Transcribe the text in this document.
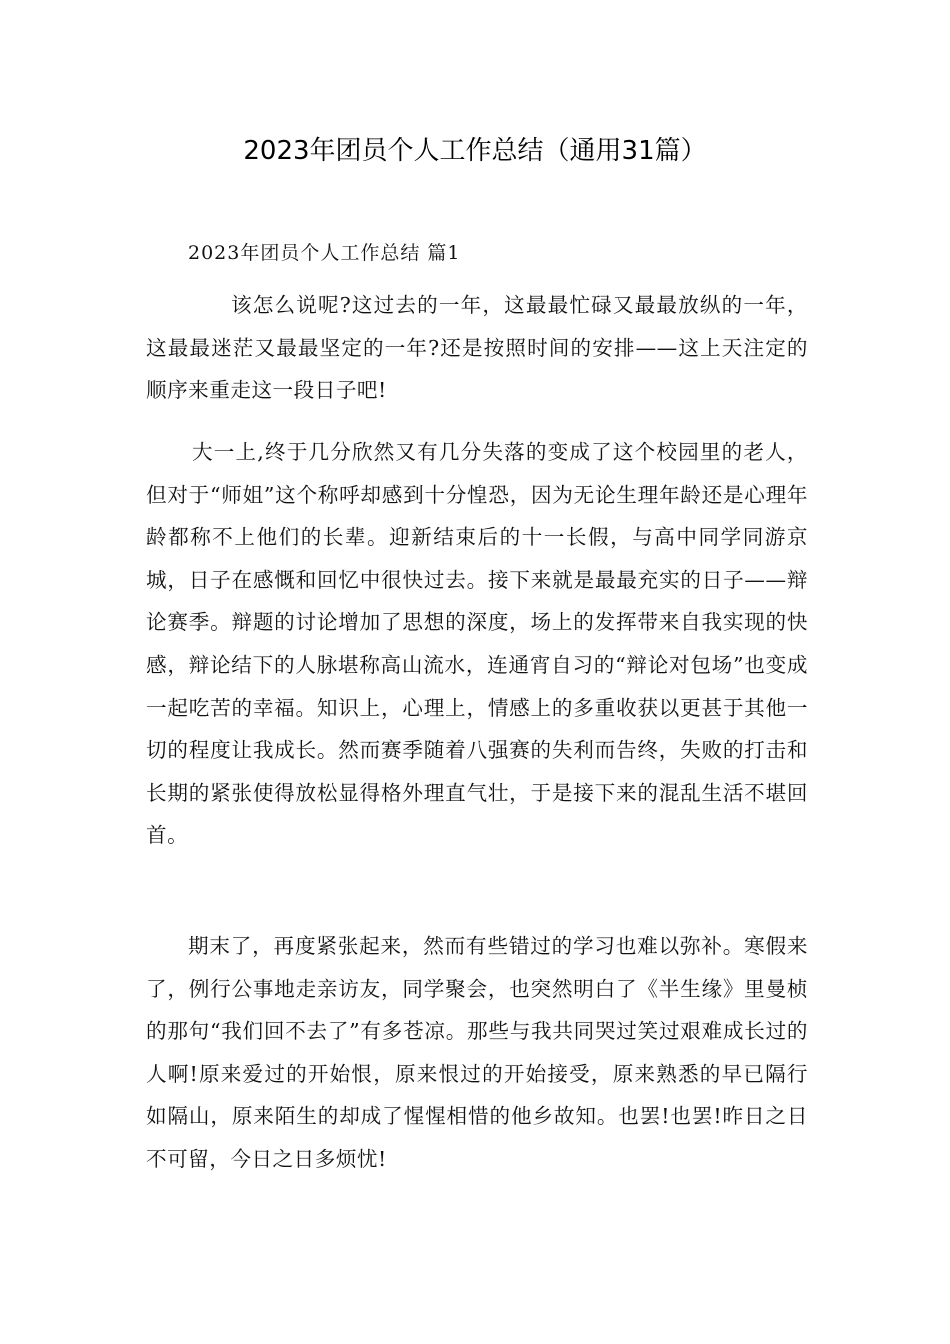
2023年团员个人工作总结（通用31篇）
2023年团员个人工作总结 篇1

该怎么说呢?这过去的一年，这最最忙碌又最最放纵的一年，这最最迷茫又最最坚定的一年?还是按照时间的安排——这上天注定的顺序来重走这一段日子吧!

大一上,终于几分欣然又有几分失落的变成了这个校园里的老人，但对于“师姐”这个称呼却感到十分惶恐，因为无论生理年龄还是心理年龄都称不上他们的长辈。迎新结束后的十一长假，与高中同学同游京城，日子在感慨和回忆中很快过去。接下来就是最最充实的日子——辩论赛季。辩题的讨论增加了思想的深度，场上的发挥带来自我实现的快感，辩论结下的人脉堪称高山流水，连通宵自习的“辩论对包场”也变成一起吃苦的幸福。知识上，心理上，情感上的多重收获以更甚于其他一切的程度让我成长。然而赛季随着八强赛的失利而告终，失败的打击和长期的紧张使得放松显得格外理直气壮，于是接下来的混乱生活不堪回首。

期末了，再度紧张起来，然而有些错过的学习也难以弥补。寒假来了，例行公事地走亲访友，同学聚会，也突然明白了《半生缘》里曼桢的那句“我们回不去了”有多苍凉。那些与我共同哭过笑过艰难成长过的人啊!原来爱过的开始恨，原来恨过的开始接受，原来熟悉的早已隔行如隔山，原来陌生的却成了惺惺相惜的他乡故知。也罢!也罢!昨日之日不可留，今日之日多烦忧!
